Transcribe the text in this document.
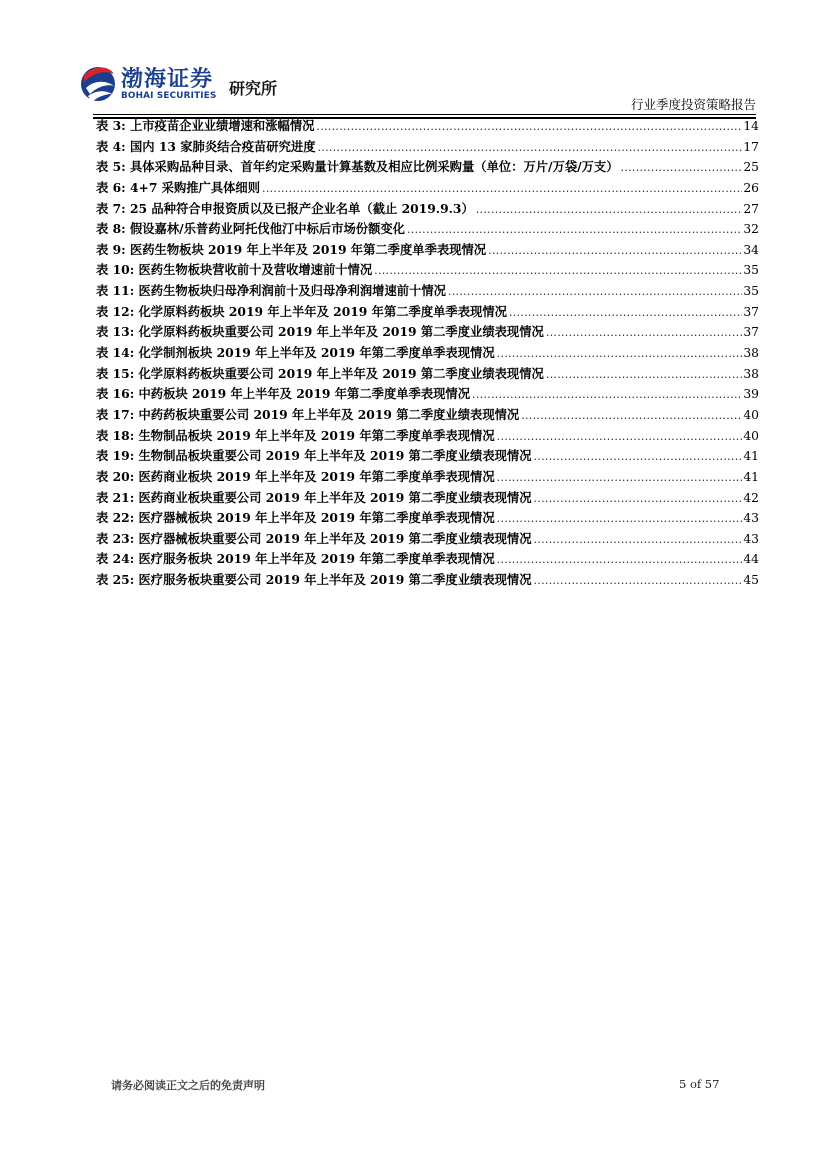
渤海证券
BOHAI SECURITIES 研究所
行业季度投资策略报告
表 3: 上市疫苗企业业绩增速和涨幅情况 .....	14
表 4: 国内 13 家肺炎结合疫苗研究进度 .....	17
表 5: 具体采购品种目录、首年约定采购量计算基数及相应比例采购量（单位：万片/万袋/万支） .....	25
表 6: 4+7 采购推广具体细则 .....	26
表 7: 25 品种符合申报资质以及已报产企业名单（截止 2019.9.3） .....	27
表 8: 假设嘉林/乐普药业阿托伐他汀中标后市场份额变化 .....	32
表 9: 医药生物板块 2019 年上半年及 2019 年第二季度单季表现情况 .....	34
表 10: 医药生物板块营收前十及营收增速前十情况 .....	35
表 11: 医药生物板块归母净利润前十及归母净利润增速前十情况 .....	35
表 12: 化学原料药板块 2019 年上半年及 2019 年第二季度单季表现情况 .....	37
表 13: 化学原料药板块重要公司 2019 年上半年及 2019 第二季度业绩表现情况 .....	37
表 14: 化学制剂板块 2019 年上半年及 2019 年第二季度单季表现情况 .....	38
表 15: 化学原料药板块重要公司 2019 年上半年及 2019 第二季度业绩表现情况 .....	38
表 16: 中药板块 2019 年上半年及 2019 年第二季度单季表现情况 .....	39
表 17: 中药药板块重要公司 2019 年上半年及 2019 第二季度业绩表现情况 .....	40
表 18: 生物制品板块 2019 年上半年及 2019 年第二季度单季表现情况 .....	40
表 19: 生物制品板块重要公司 2019 年上半年及 2019 第二季度业绩表现情况 .....	41
表 20: 医药商业板块 2019 年上半年及 2019 年第二季度单季表现情况 .....	41
表 21: 医药商业板块重要公司 2019 年上半年及 2019 第二季度业绩表现情况 .....	42
表 22: 医疗器械板块 2019 年上半年及 2019 年第二季度单季表现情况 .....	43
表 23: 医疗器械板块重要公司 2019 年上半年及 2019 第二季度业绩表现情况 .....	43
表 24: 医疗服务板块 2019 年上半年及 2019 年第二季度单季表现情况 .....	44
表 25: 医疗服务板块重要公司 2019 年上半年及 2019 第二季度业绩表现情况 .....	45
请务必阅读正文之后的免责声明	5 of 57
